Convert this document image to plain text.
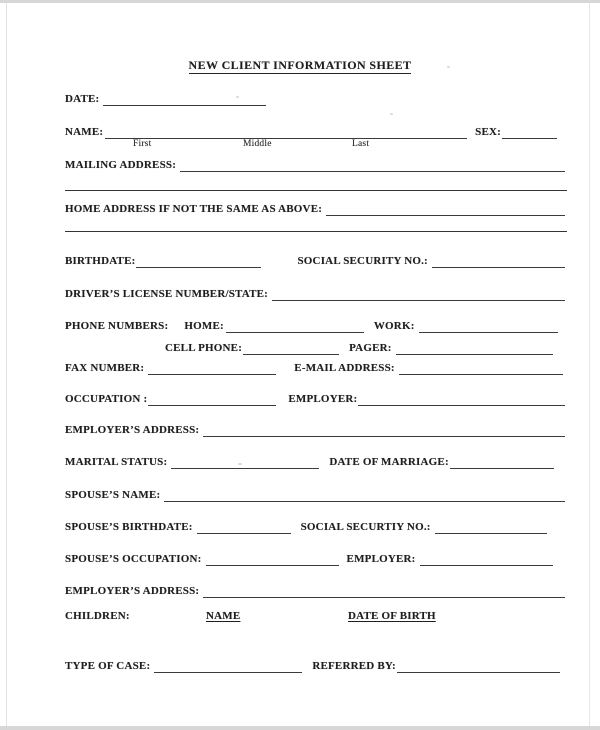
NEW CLIENT INFORMATION SHEET
DATE:
NAME:	SEX:
First	Middle	Last
MAILING ADDRESS:
HOME ADDRESS IF NOT THE SAME AS ABOVE:
BIRTHDATE:	SOCIAL SECURITY NO.:
DRIVER’S LICENSE NUMBER/STATE:
PHONE NUMBERS: HOME:	WORK:
CELL PHONE:	PAGER:
FAX NUMBER:	E-MAIL ADDRESS:
OCCUPATION :	EMPLOYER:
EMPLOYER’S ADDRESS:
MARITAL STATUS:	DATE OF MARRIAGE:
SPOUSE’S NAME:
SPOUSE’S BIRTHDATE:	SOCIAL SECURTIY NO.:
SPOUSE’S OCCUPATION:	EMPLOYER:
EMPLOYER’S ADDRESS:
CHILDREN:	NAME	DATE OF BIRTH
TYPE OF CASE:	REFERRED BY:
